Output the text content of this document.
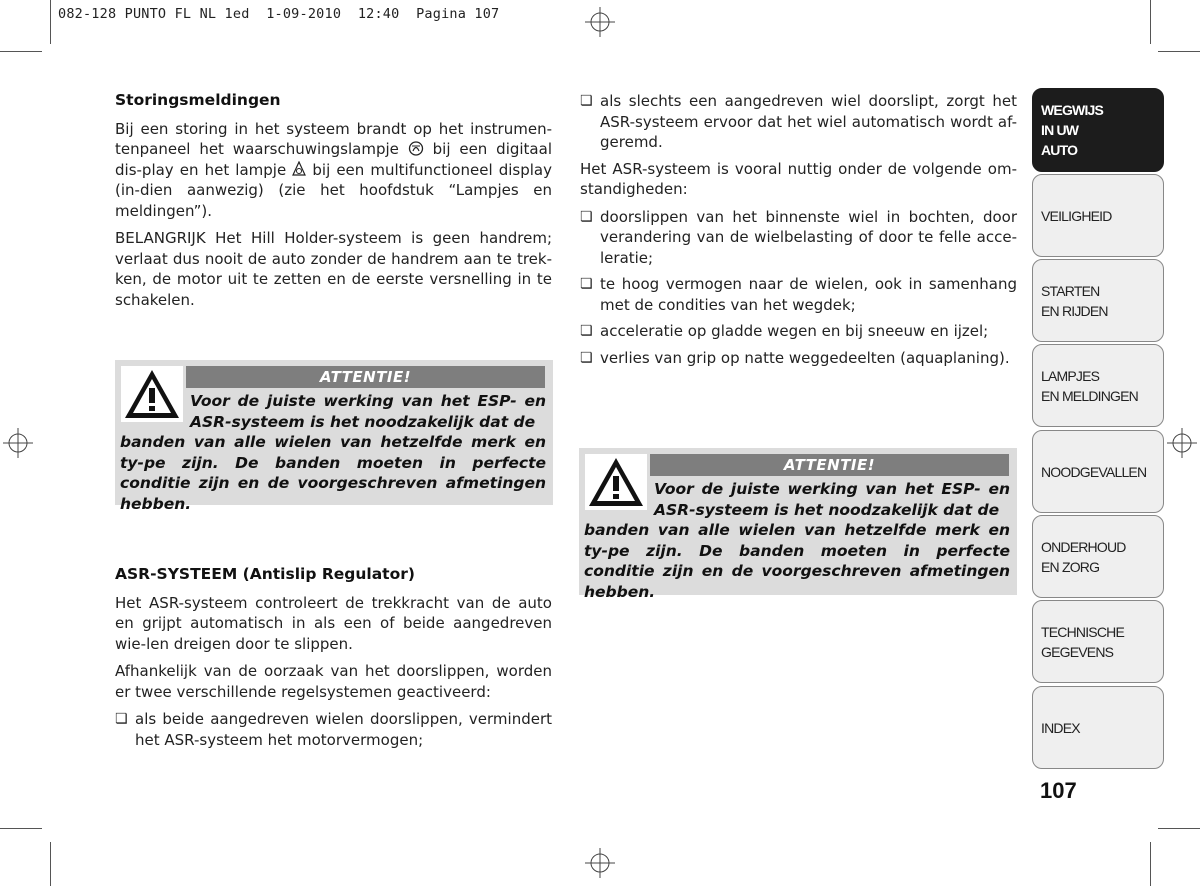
082-128 PUNTO FL NL 1ed 1-09-2010 12:40 Pagina 107
Storingsmeldingen

Bij een storing in het systeem brandt op het instrumen-tenpaneel het waarschuwingslampje bij een digitaal dis-play en het lampje bij een multifunctioneel display (in-dien aanwezig) (zie het hoofdstuk “Lampjes en meldingen”).

BELANGRIJK Het Hill Holder-systeem is geen handrem; verlaat dus nooit de auto zonder de handrem aan te trek-ken, de motor uit te zetten en de eerste versnelling in te schakelen.

ATTENTIE!
Voor de juiste werking van het ESP- en ASR-systeem is het noodzakelijk dat de
banden van alle wielen van hetzelfde merk en ty-pe zijn. De banden moeten in perfecte conditie zijn en de voorgeschreven afmetingen hebben.
ASR-SYSTEEM (Antislip Regulator)

Het ASR-systeem controleert de trekkracht van de auto en grijpt automatisch in als een of beide aangedreven wie-len dreigen door te slippen.

Afhankelijk van de oorzaak van het doorslippen, worden er twee verschillende regelsystemen geactiveerd:

❏ als beide aangedreven wielen doorslippen, vermindert het ASR-systeem het motorvermogen;
❏ als slechts een aangedreven wiel doorslipt, zorgt het ASR-systeem ervoor dat het wiel automatisch wordt af-geremd.

Het ASR-systeem is vooral nuttig onder de volgende om-standigheden:

❏ doorslippen van het binnenste wiel in bochten, door verandering van de wielbelasting of door te felle acce-leratie;
❏ te hoog vermogen naar de wielen, ook in samenhang met de condities van het wegdek;
❏ acceleratie op gladde wegen en bij sneeuw en ijzel;
❏ verlies van grip op natte weggedeelten (aquaplaning).
ATTENTIE!
Voor de juiste werking van het ESP- en ASR-systeem is het noodzakelijk dat de
banden van alle wielen van hetzelfde merk en ty-pe zijn. De banden moeten in perfecte conditie zijn en de voorgeschreven afmetingen hebben.
WEGWIJS
IN UW
AUTO
VEILIGHEID
STARTEN
EN RIJDEN
LAMPJES
EN MELDINGEN
NOODGEVALLEN
ONDERHOUD
EN ZORG
TECHNISCHE
GEGEVENS
INDEX
107
